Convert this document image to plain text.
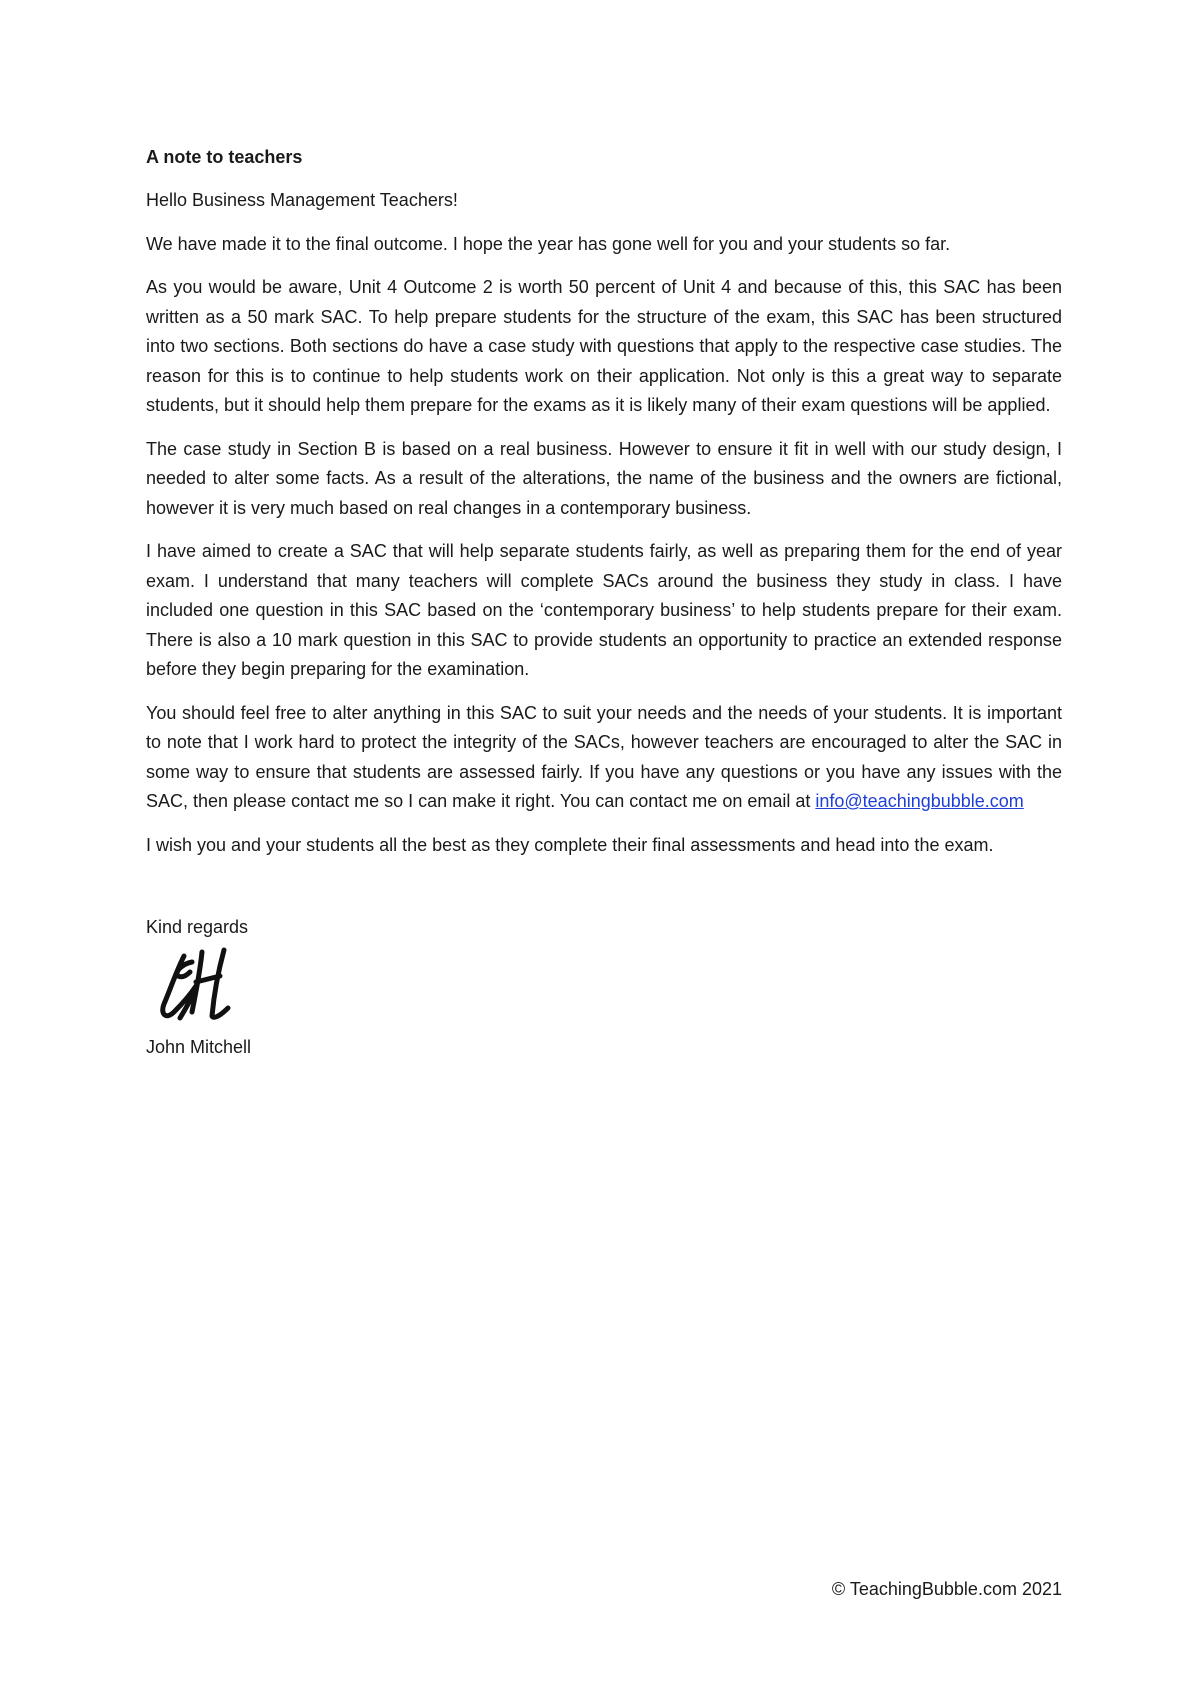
A note to teachers

Hello Business Management Teachers!

We have made it to the final outcome. I hope the year has gone well for you and your students so far.

As you would be aware, Unit 4 Outcome 2 is worth 50 percent of Unit 4 and because of this, this SAC has been written as a 50 mark SAC. To help prepare students for the structure of the exam, this SAC has been structured into two sections. Both sections do have a case study with questions that apply to the respective case studies. The reason for this is to continue to help students work on their application. Not only is this a great way to separate students, but it should help them prepare for the exams as it is likely many of their exam questions will be applied.

The case study in Section B is based on a real business. However to ensure it fit in well with our study design, I needed to alter some facts. As a result of the alterations, the name of the business and the owners are fictional, however it is very much based on real changes in a contemporary business.

I have aimed to create a SAC that will help separate students fairly, as well as preparing them for the end of year exam. I understand that many teachers will complete SACs around the business they study in class. I have included one question in this SAC based on the ‘contemporary business’ to help students prepare for their exam. There is also a 10 mark question in this SAC to provide students an opportunity to practice an extended response before they begin preparing for the examination.

You should feel free to alter anything in this SAC to suit your needs and the needs of your students. It is important to note that I work hard to protect the integrity of the SACs, however teachers are encouraged to alter the SAC in some way to ensure that students are assessed fairly. If you have any questions or you have any issues with the SAC, then please contact me so I can make it right. You can contact me on email at info@teachingbubble.com

I wish you and your students all the best as they complete their final assessments and head into the exam.

Kind regards
John Mitchell
© TeachingBubble.com 2021
